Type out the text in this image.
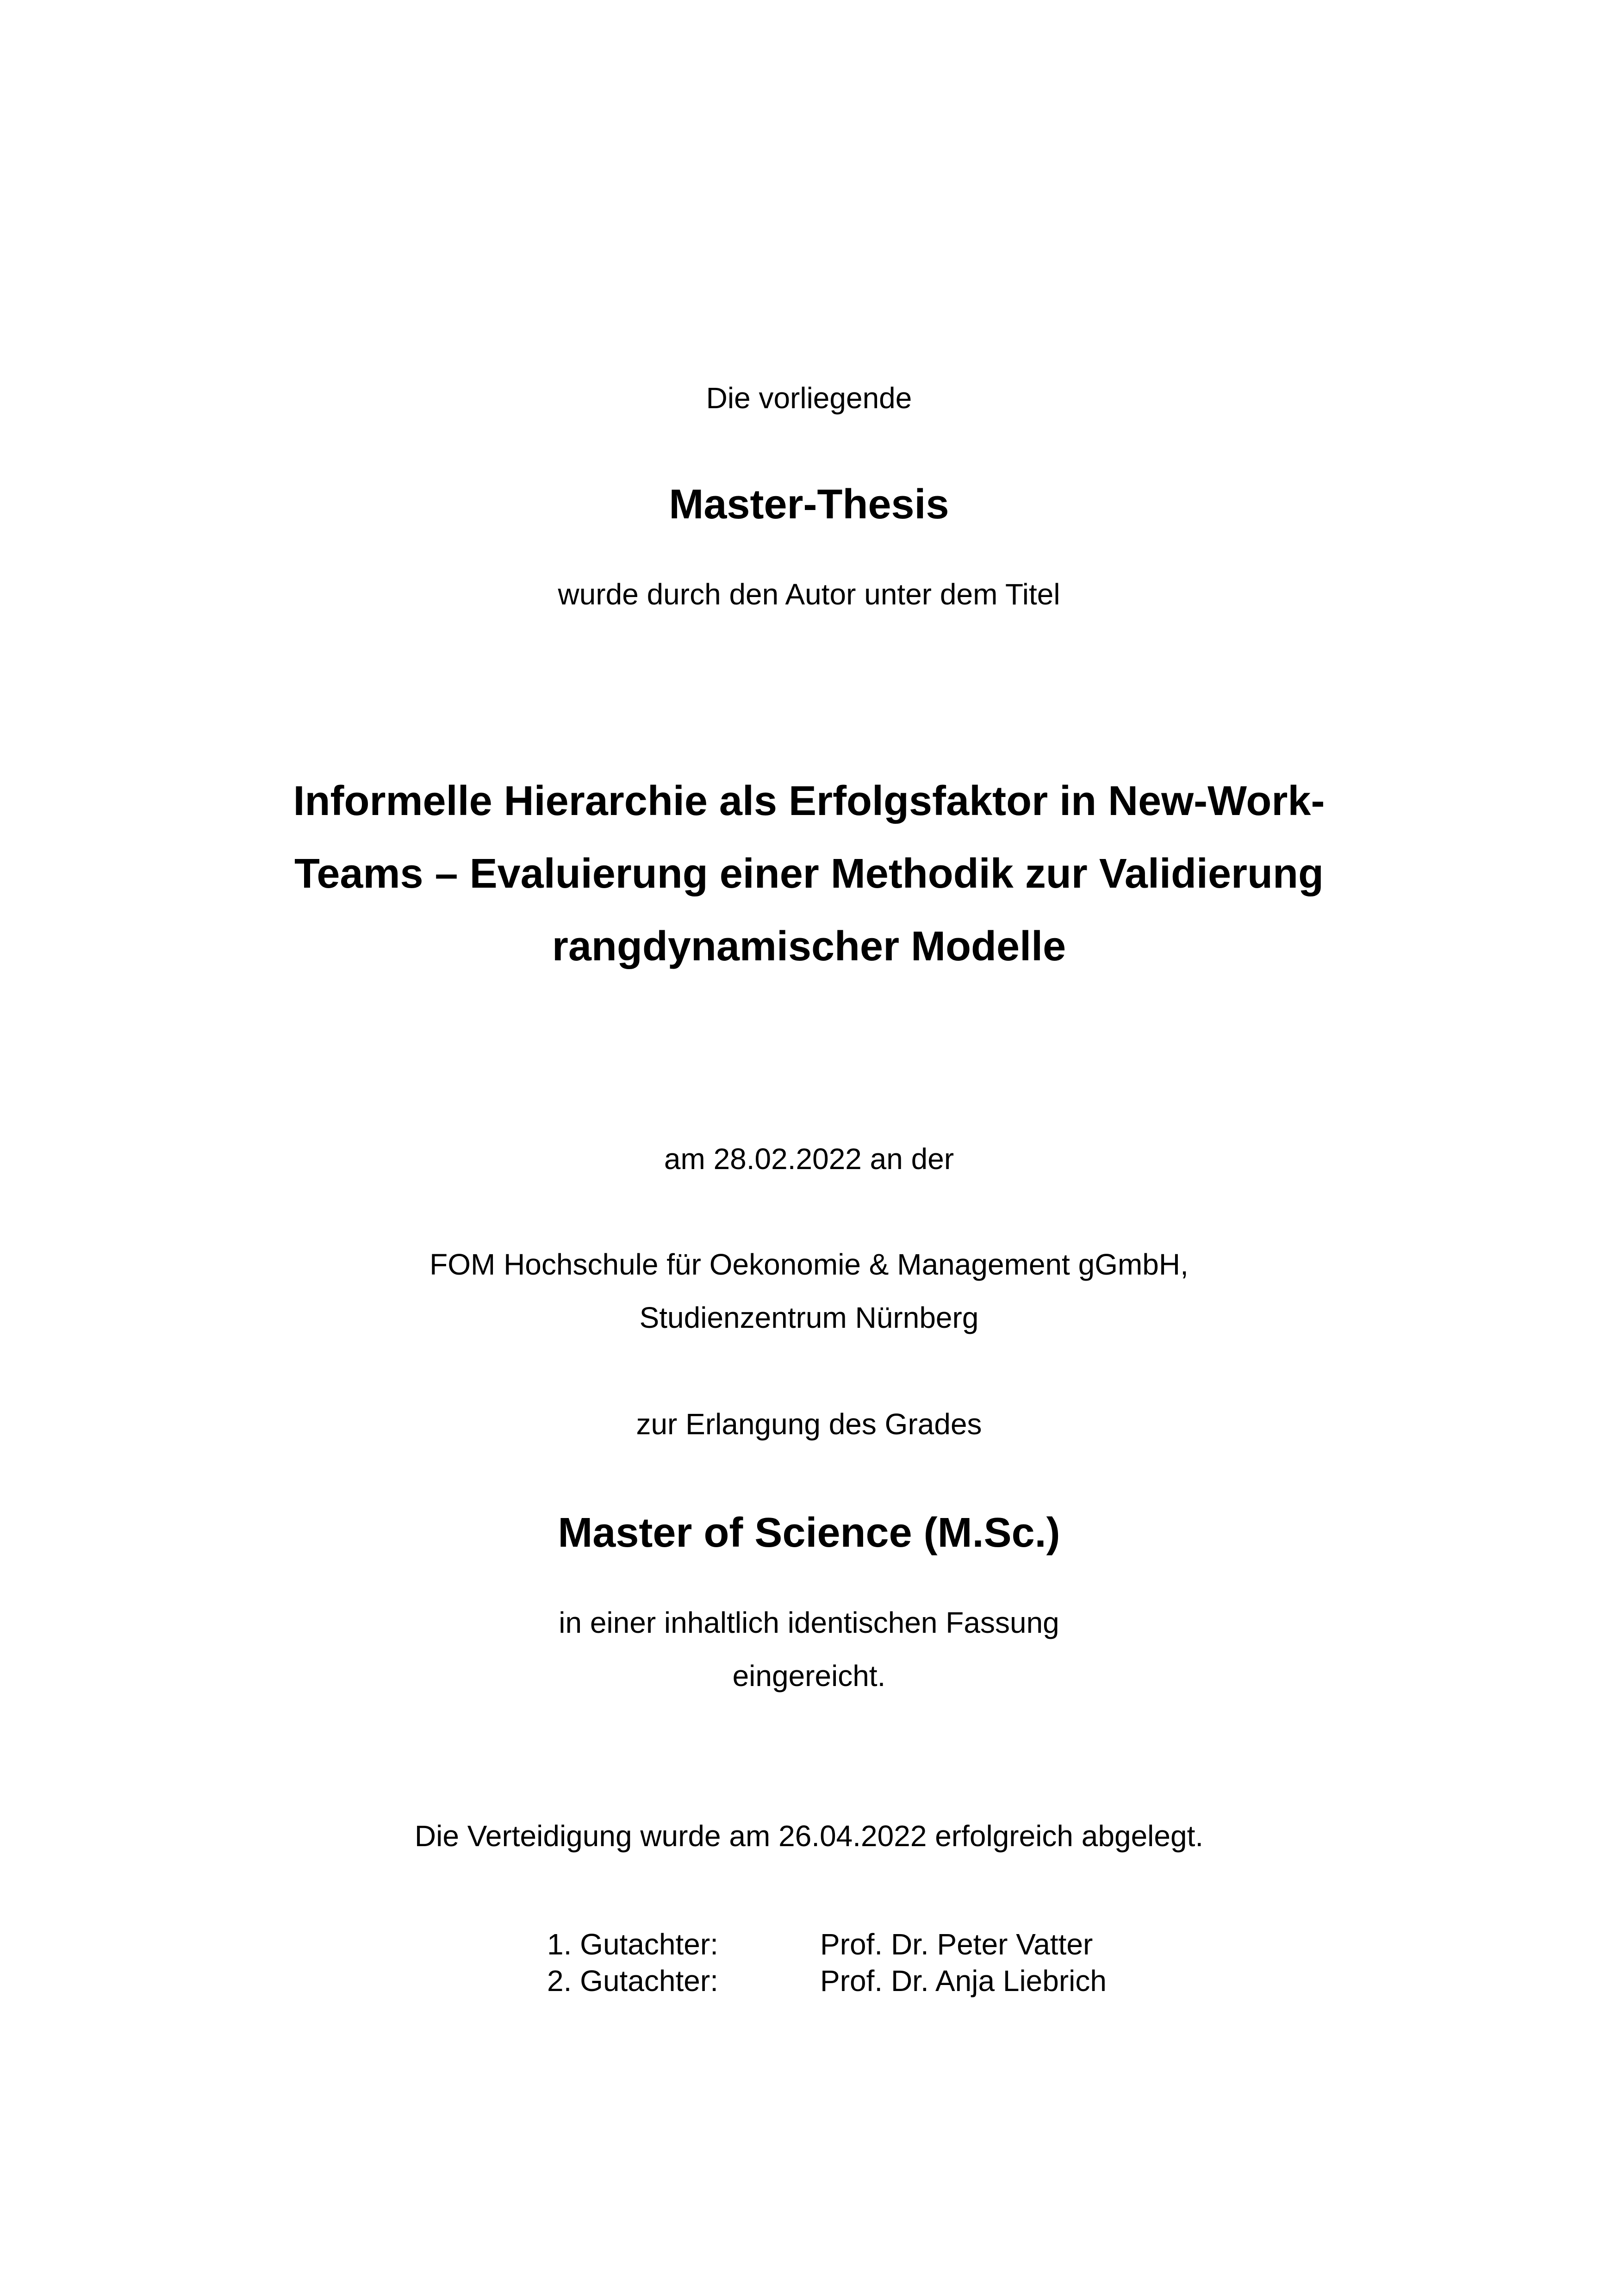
Die vorliegende
Master-Thesis
wurde durch den Autor unter dem Titel
Informelle Hierarchie als Erfolgsfaktor in New-Work-
Teams – Evaluierung einer Methodik zur Validierung
rangdynamischer Modelle
am 28.02.2022 an der
FOM Hochschule für Oekonomie & Management gGmbH,
Studienzentrum Nürnberg
zur Erlangung des Grades
Master of Science (M.Sc.)
in einer inhaltlich identischen Fassung
eingereicht.
Die Verteidigung wurde am 26.04.2022 erfolgreich abgelegt.
1. Gutachter:	Prof. Dr. Peter Vatter
2. Gutachter:	Prof. Dr. Anja Liebrich
